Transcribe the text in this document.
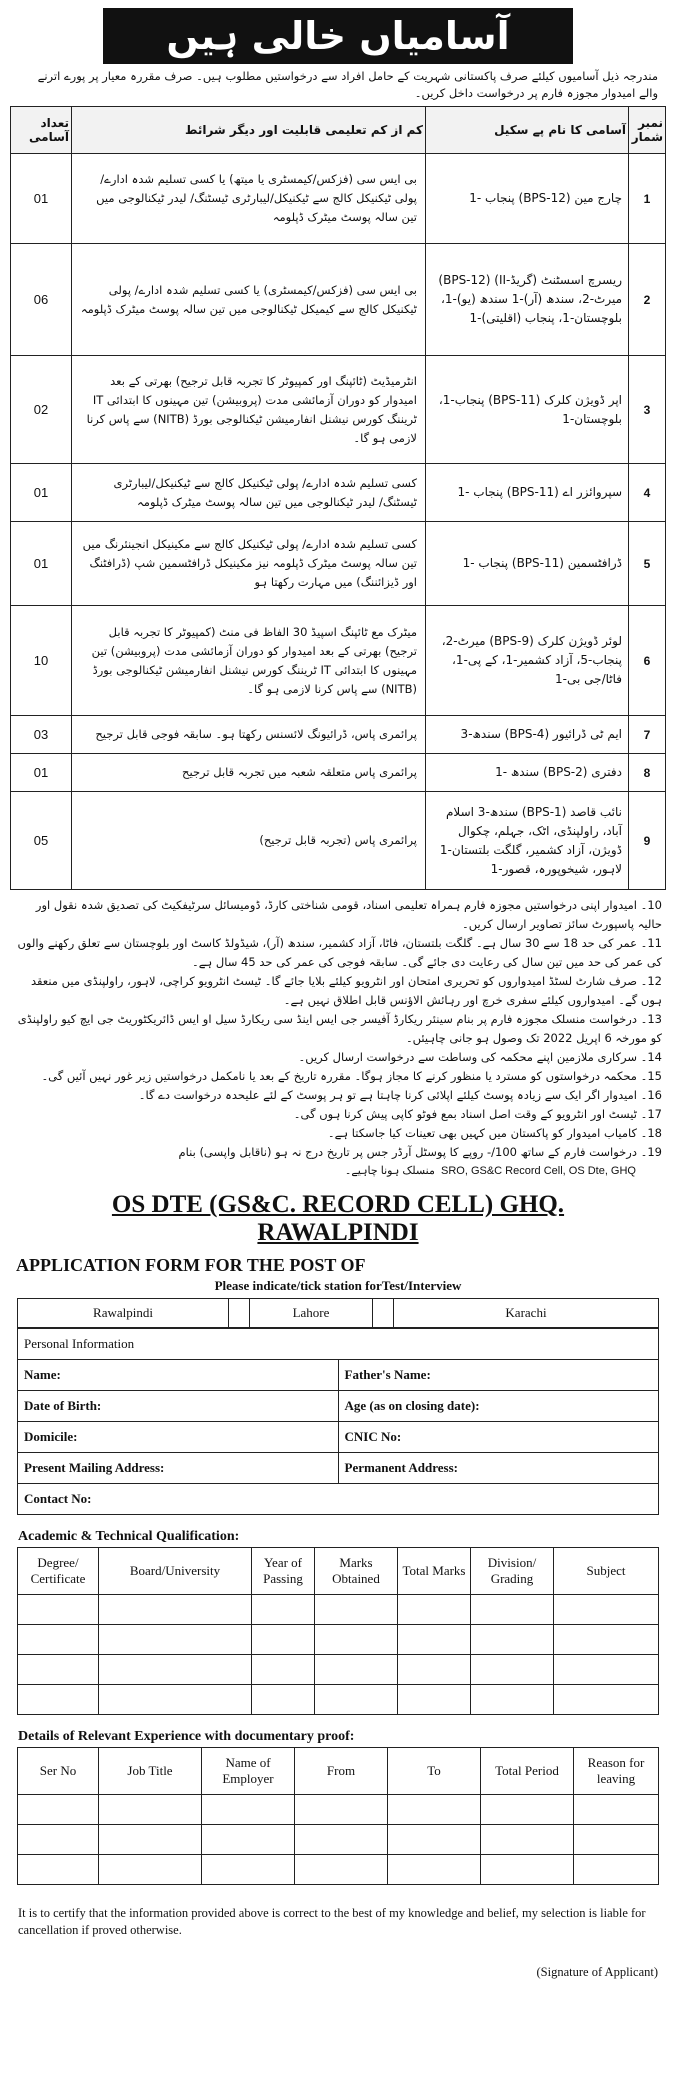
آسامیاں خالی ہیں
مندرجہ ذیل آسامیوں کیلئے صرف پاکستانی شہریت کے حامل افراد سے درخواستیں مطلوب ہیں۔ صرف مقررہ معیار پر پورے اترنے والے امیدوار مجوزہ فارم پر درخواست داخل کریں۔
نمبر شمار	آسامی کا نام پے سکیل	کم از کم تعلیمی قابلیت اور دیگر شرائط	تعداد آسامی
1	چارج مین (BPS-12) پنجاب -1	بی ایس سی (فزکس/کیمسٹری یا میتھ) یا کسی تسلیم شدہ ادارے/ پولی ٹیکنیکل کالج سے ٹیکنیکل/لیبارٹری ٹیسٹنگ/ لیدر ٹیکنالوجی میں تین سالہ پوسٹ میٹرک ڈپلومہ	01
2	ریسرچ اسسٹنٹ (گریڈ-II) (BPS-12) میرٹ-2، سندھ (آر)-1 سندھ (یو)-1، بلوچستان-1، پنجاب (اقلیتی)-1	بی ایس سی (فزکس/کیمسٹری) یا کسی تسلیم شدہ ادارے/ پولی ٹیکنیکل کالج سے کیمیکل ٹیکنالوجی میں تین سالہ پوسٹ میٹرک ڈپلومہ	06
3	اپر ڈویژن کلرک (BPS-11) پنجاب-1، بلوچستان-1	انٹرمیڈیٹ (ٹائپنگ اور کمپیوٹر کا تجربہ قابل ترجیح) بھرتی کے بعد امیدوار کو دوران آزمائشی مدت (پروبیشن) تین مہینوں کا ابتدائی IT ٹریننگ کورس نیشنل انفارمیشن ٹیکنالوجی بورڈ (NITB) سے پاس کرنا لازمی ہو گا۔	02
4	سپروائزر اے (BPS-11) پنجاب -1	کسی تسلیم شدہ ادارے/ پولی ٹیکنیکل کالج سے ٹیکنیکل/لیبارٹری ٹیسٹنگ/ لیدر ٹیکنالوجی میں تین سالہ پوسٹ میٹرک ڈپلومہ	01
5	ڈرافٹسمین (BPS-11) پنجاب -1	کسی تسلیم شدہ ادارے/ پولی ٹیکنیکل کالج سے مکینیکل انجینئرنگ میں تین سالہ پوسٹ میٹرک ڈپلومہ نیز مکینیکل ڈرافٹسمین شپ (ڈرافٹنگ اور ڈیزائننگ) میں مہارت رکھتا ہو	01
6	لوئر ڈویژن کلرک (BPS-9) میرٹ-2، پنجاب-5، آزاد کشمیر-1، کے پی-1، فاٹا/جی بی-1	میٹرک مع ٹائپنگ اسپیڈ 30 الفاظ فی منٹ (کمپیوٹر کا تجربہ قابل ترجیح) بھرتی کے بعد امیدوار کو دوران آزمائشی مدت (پروبیشن) تین مہینوں کا ابتدائی IT ٹریننگ کورس نیشنل انفارمیشن ٹیکنالوجی بورڈ (NITB) سے پاس کرنا لازمی ہو گا۔	10
7	ایم ٹی ڈرائیور (BPS-4) سندھ-3	پرائمری پاس، ڈرائیونگ لائسنس رکھتا ہو۔ سابقہ فوجی قابل ترجیح	03
8	دفتری (BPS-2) سندھ -1	پرائمری پاس متعلقہ شعبہ میں تجربہ قابل ترجیح	01
9	نائب قاصد (BPS-1) سندھ-3 اسلام آباد، راولپنڈی، اٹک، جہلم، چکوال ڈویژن، آزاد کشمیر، گلگت بلتستان-1 لاہور، شیخوپورہ، قصور-1	پرائمری پاس (تجربہ قابل ترجیح)	05
10۔ امیدوار اپنی درخواستیں مجوزہ فارم ہمراہ تعلیمی اسناد، قومی شناختی کارڈ، ڈومیسائل سرٹیفکیٹ کی تصدیق شدہ نقول اور حالیہ پاسپورٹ سائز تصاویر ارسال کریں۔
11۔ عمر کی حد 18 سے 30 سال ہے۔ گلگت بلتستان، فاٹا، آزاد کشمیر، سندھ (آر)، شیڈولڈ کاسٹ اور بلوچستان سے تعلق رکھنے والوں کی عمر کی حد میں تین سال کی رعایت دی جائے گی۔ سابقہ فوجی کی عمر کی حد 45 سال ہے۔
12۔ صرف شارٹ لسٹڈ امیدواروں کو تحریری امتحان اور انٹرویو کیلئے بلایا جائے گا۔ ٹیسٹ انٹرویو کراچی، لاہور، راولپنڈی میں منعقد ہوں گے۔ امیدواروں کیلئے سفری خرچ اور رہائش الاؤنس قابل اطلاق نہیں ہے۔
13۔ درخواست منسلک مجوزہ فارم پر بنام سینئر ریکارڈ آفیسر جی ایس اینڈ سی ریکارڈ سیل او ایس ڈائریکٹوریٹ جی ایچ کیو راولپنڈی کو مورخہ 6 اپریل 2022 تک وصول ہو جانی چاہیئں۔
14۔ سرکاری ملازمین اپنے محکمہ کی وساطت سے درخواست ارسال کریں۔
15۔ محکمہ درخواستوں کو مسترد یا منظور کرنے کا مجاز ہوگا۔ مقررہ تاریخ کے بعد یا نامکمل درخواستیں زیر غور نہیں آئیں گی۔
16۔ امیدوار اگر ایک سے زیادہ پوسٹ کیلئے اپلائی کرنا چاہتا ہے تو ہر پوسٹ کے لئے علیحدہ درخواست دے گا۔
17۔ ٹیسٹ اور انٹرویو کے وقت اصل اسناد بمع فوٹو کاپی پیش کرنا ہوں گی۔
18۔ کامیاب امیدوار کو پاکستان میں کہیں بھی تعینات کیا جاسکتا ہے۔
19۔ درخواست فارم کے ساتھ 100/- روپے کا پوسٹل آرڈر جس پر تاریخ درج نہ ہو (ناقابل واپسی) بنام
منسلک ہونا چاہیے۔ SRO, GS&C Record Cell, OS Dte, GHQ
OS DTE (GS&C. RECORD CELL) GHQ.
RAWALPINDI
APPLICATION FORM FOR THE POST OF
Please indicate/tick station forTest/Interview
Rawalpindi		Lahore		Karachi
Personal Information	
Name:	Father's Name:
Date of Birth:	Age (as on closing date):
Domicile:	CNIC No:
Present Mailing Address:	Permanent Address:
Contact No:	
Academic & Technical Qualification:
Degree/ Certificate	Board/University	Year of Passing	Marks Obtained	Total Marks	Division/ Grading	Subject

Details of Relevant Experience with documentary proof:
Ser No	Job Title	Name of Employer	From	To	Total Period	Reason for leaving

It is to certify that the information provided above is correct to the best of my knowledge and belief, my selection is liable for cancellation if proved otherwise.
(Signature of Applicant)
